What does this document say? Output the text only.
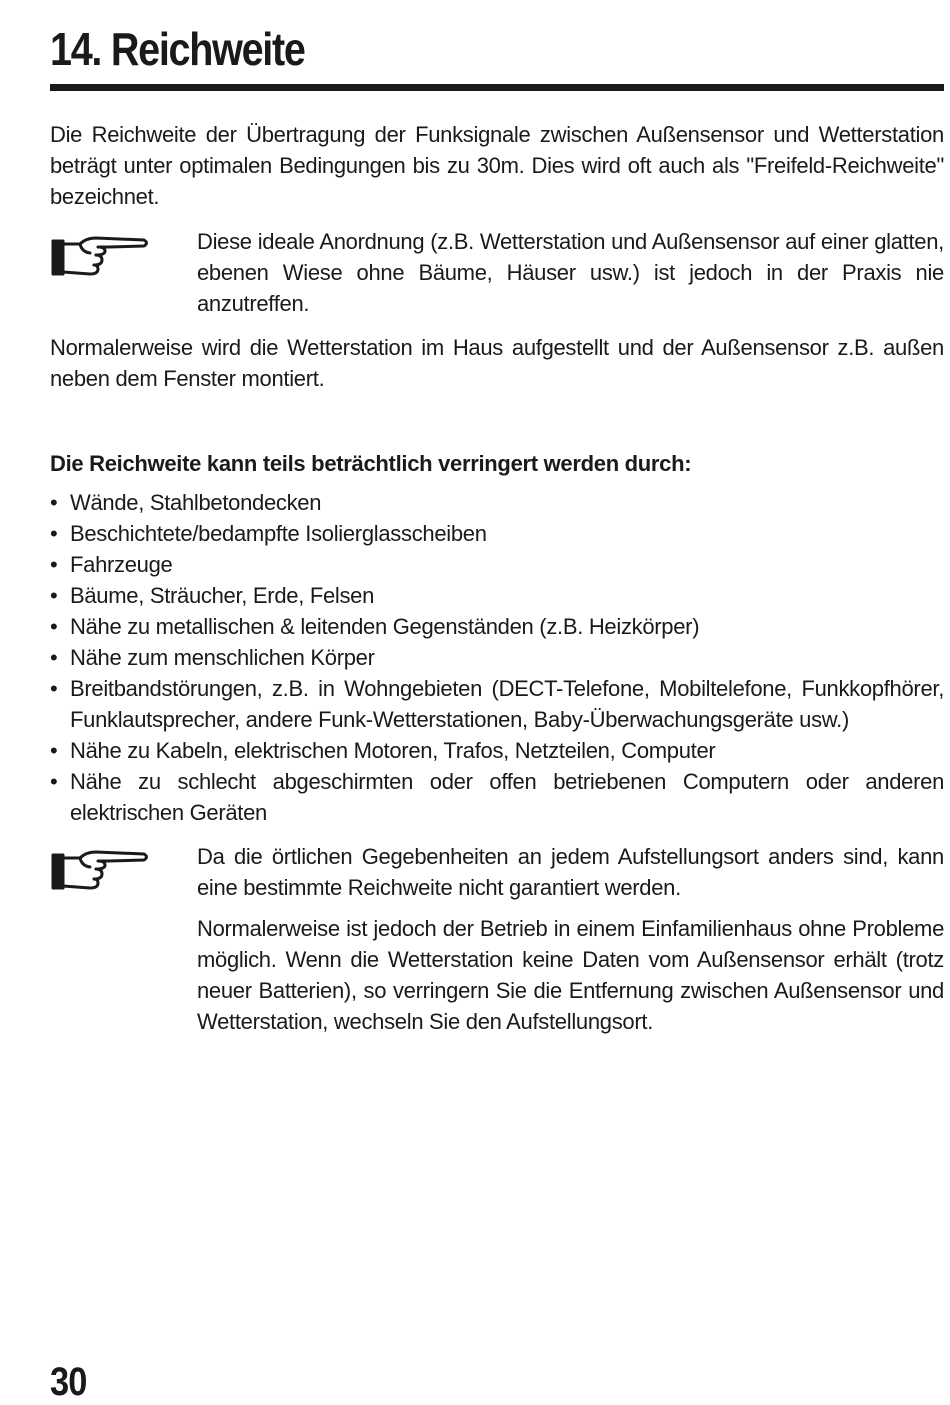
14. Reichweite

Die Reichweite der Übertragung der Funksignale zwischen Außensensor und Wetterstation beträgt unter optimalen Bedingungen bis zu 30m. Dies wird oft auch als "Freifeld-Reichweite" bezeichnet.

Diese ideale Anordnung (z.B. Wetterstation und Außensensor auf einer glatten, ebenen Wiese ohne Bäume, Häuser usw.) ist jedoch in der Praxis nie anzutreffen.

Normalerweise wird die Wetterstation im Haus aufgestellt und der Außensensor z.B. außen neben dem Fenster montiert.

Die Reichweite kann teils beträchtlich verringert werden durch:

• Wände, Stahlbetondecken
• Beschichtete/bedampfte Isolierglasscheiben
• Fahrzeuge
• Bäume, Sträucher, Erde, Felsen
• Nähe zu metallischen & leitenden Gegenständen (z.B. Heizkörper)
• Nähe zum menschlichen Körper
• Breitbandstörungen, z.B. in Wohngebieten (DECT-Telefone, Mobiltelefone, Funkkopfhörer, Funklautsprecher, andere Funk-Wetterstationen, Baby-Überwachungsgeräte usw.)
• Nähe zu Kabeln, elektrischen Motoren, Trafos, Netzteilen, Computer
• Nähe zu schlecht abgeschirmten oder offen betriebenen Computern oder anderen elektrischen Geräten

Da die örtlichen Gegebenheiten an jedem Aufstellungsort anders sind, kann eine bestimmte Reichweite nicht garantiert werden.

Normalerweise ist jedoch der Betrieb in einem Einfamilienhaus ohne Probleme möglich. Wenn die Wetterstation keine Daten vom Außensensor erhält (trotz neuer Batterien), so verringern Sie die Entfernung zwischen Außensensor und Wetterstation, wechseln Sie den Aufstellungsort.

30
